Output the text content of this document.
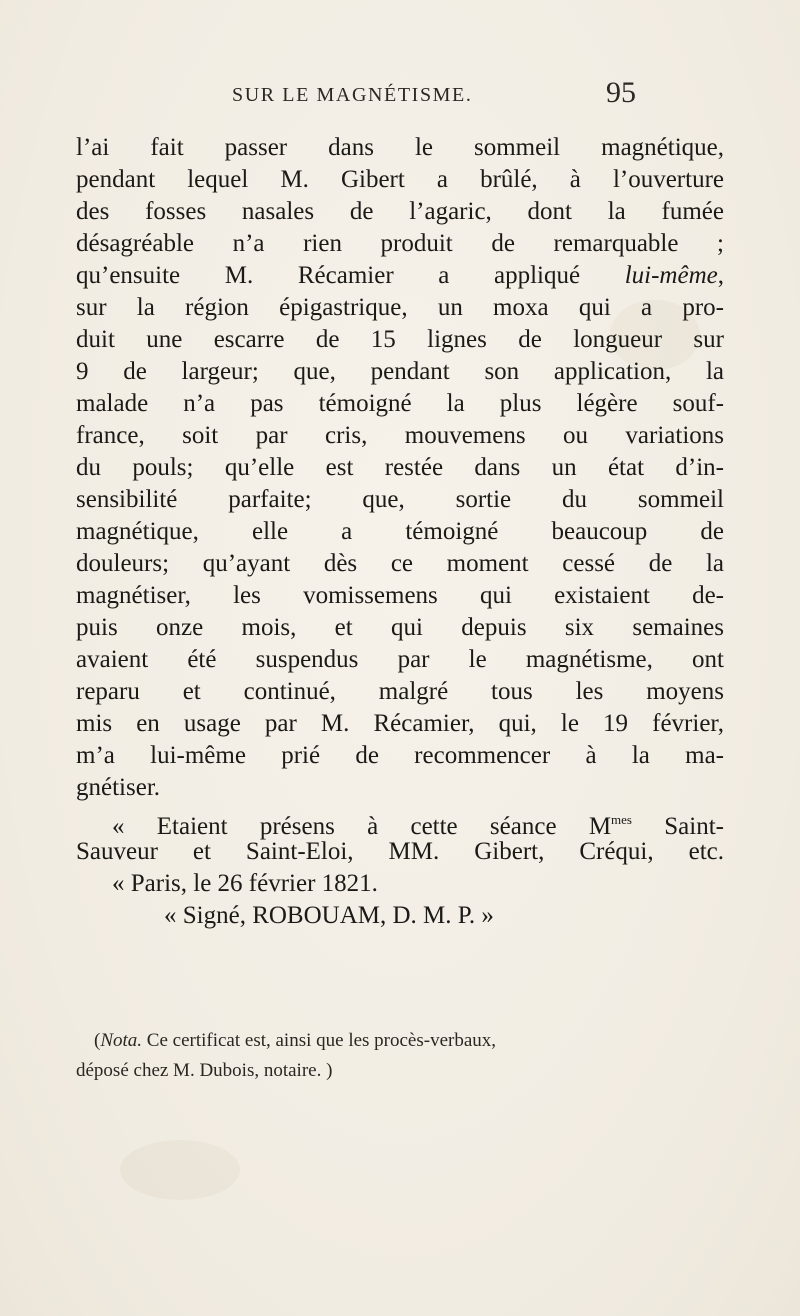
SUR LE MAGNÉTISME.	95
l’ai fait passer dans le sommeil magnétique,
pendant lequel M. Gibert a brûlé, à l’ouverture
des fosses nasales de l’agaric, dont la fumée
désagréable n’a rien produit de remarquable ;
qu’ensuite M. Récamier a appliqué lui-même,
sur la région épigastrique, un moxa qui a pro-
duit une escarre de 15 lignes de longueur sur
9 de largeur; que, pendant son application, la
malade n’a pas témoigné la plus légère souf-
france, soit par cris, mouvemens ou variations
du pouls; qu’elle est restée dans un état d’in-
sensibilité parfaite; que, sortie du sommeil
magnétique, elle a témoigné beaucoup de
douleurs; qu’ayant dès ce moment cessé de la
magnétiser, les vomissemens qui existaient de-
puis onze mois, et qui depuis six semaines
avaient été suspendus par le magnétisme, ont
reparu et continué, malgré tous les moyens
mis en usage par M. Récamier, qui, le 19 février,
m’a lui-même prié de recommencer à la ma-
gnétiser.
« Etaient présens à cette séance $M^{mes}$ Saint-
Sauveur et Saint-Eloi, MM. Gibert, Créqui, etc.
« Paris, le 26 février 1821.
« Signé, ROBOUAM, D. M. P. »
(Nota. Ce certificat est, ainsi que les procès-verbaux,
déposé chez M. Dubois, notaire. )
